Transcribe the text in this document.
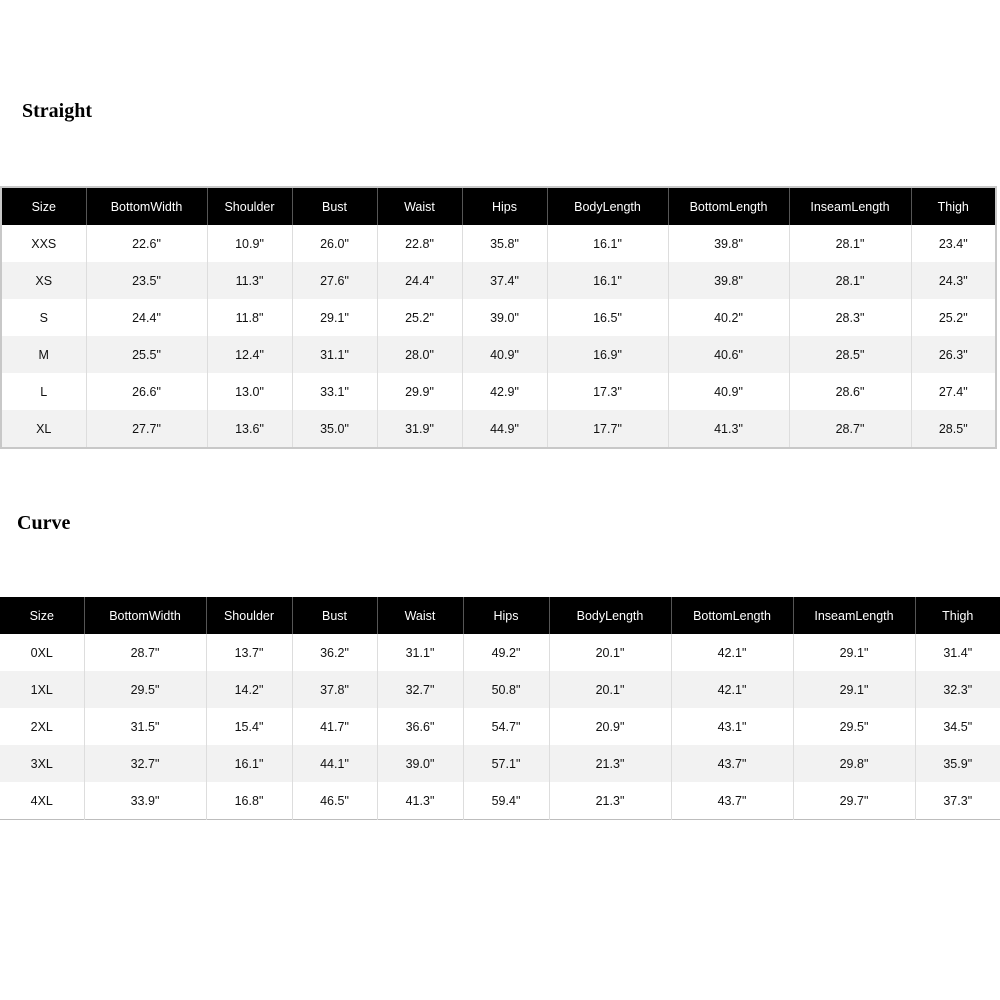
Straight
Size	BottomWidth	Shoulder	Bust	Waist	Hips	BodyLength	BottomLength	InseamLength	Thigh
XXS	22.6"	10.9"	26.0"	22.8"	35.8"	16.1"	39.8"	28.1"	23.4"
XS	23.5"	11.3"	27.6"	24.4"	37.4"	16.1"	39.8"	28.1"	24.3"
S	24.4"	11.8"	29.1"	25.2"	39.0"	16.5"	40.2"	28.3"	25.2"
M	25.5"	12.4"	31.1"	28.0"	40.9"	16.9"	40.6"	28.5"	26.3"
L	26.6"	13.0"	33.1"	29.9"	42.9"	17.3"	40.9"	28.6"	27.4"
XL	27.7"	13.6"	35.0"	31.9"	44.9"	17.7"	41.3"	28.7"	28.5"
Curve
Size	BottomWidth	Shoulder	Bust	Waist	Hips	BodyLength	BottomLength	InseamLength	Thigh
0XL	28.7"	13.7"	36.2"	31.1"	49.2"	20.1"	42.1"	29.1"	31.4"
1XL	29.5"	14.2"	37.8"	32.7"	50.8"	20.1"	42.1"	29.1"	32.3"
2XL	31.5"	15.4"	41.7"	36.6"	54.7"	20.9"	43.1"	29.5"	34.5"
3XL	32.7"	16.1"	44.1"	39.0"	57.1"	21.3"	43.7"	29.8"	35.9"
4XL	33.9"	16.8"	46.5"	41.3"	59.4"	21.3"	43.7"	29.7"	37.3"
